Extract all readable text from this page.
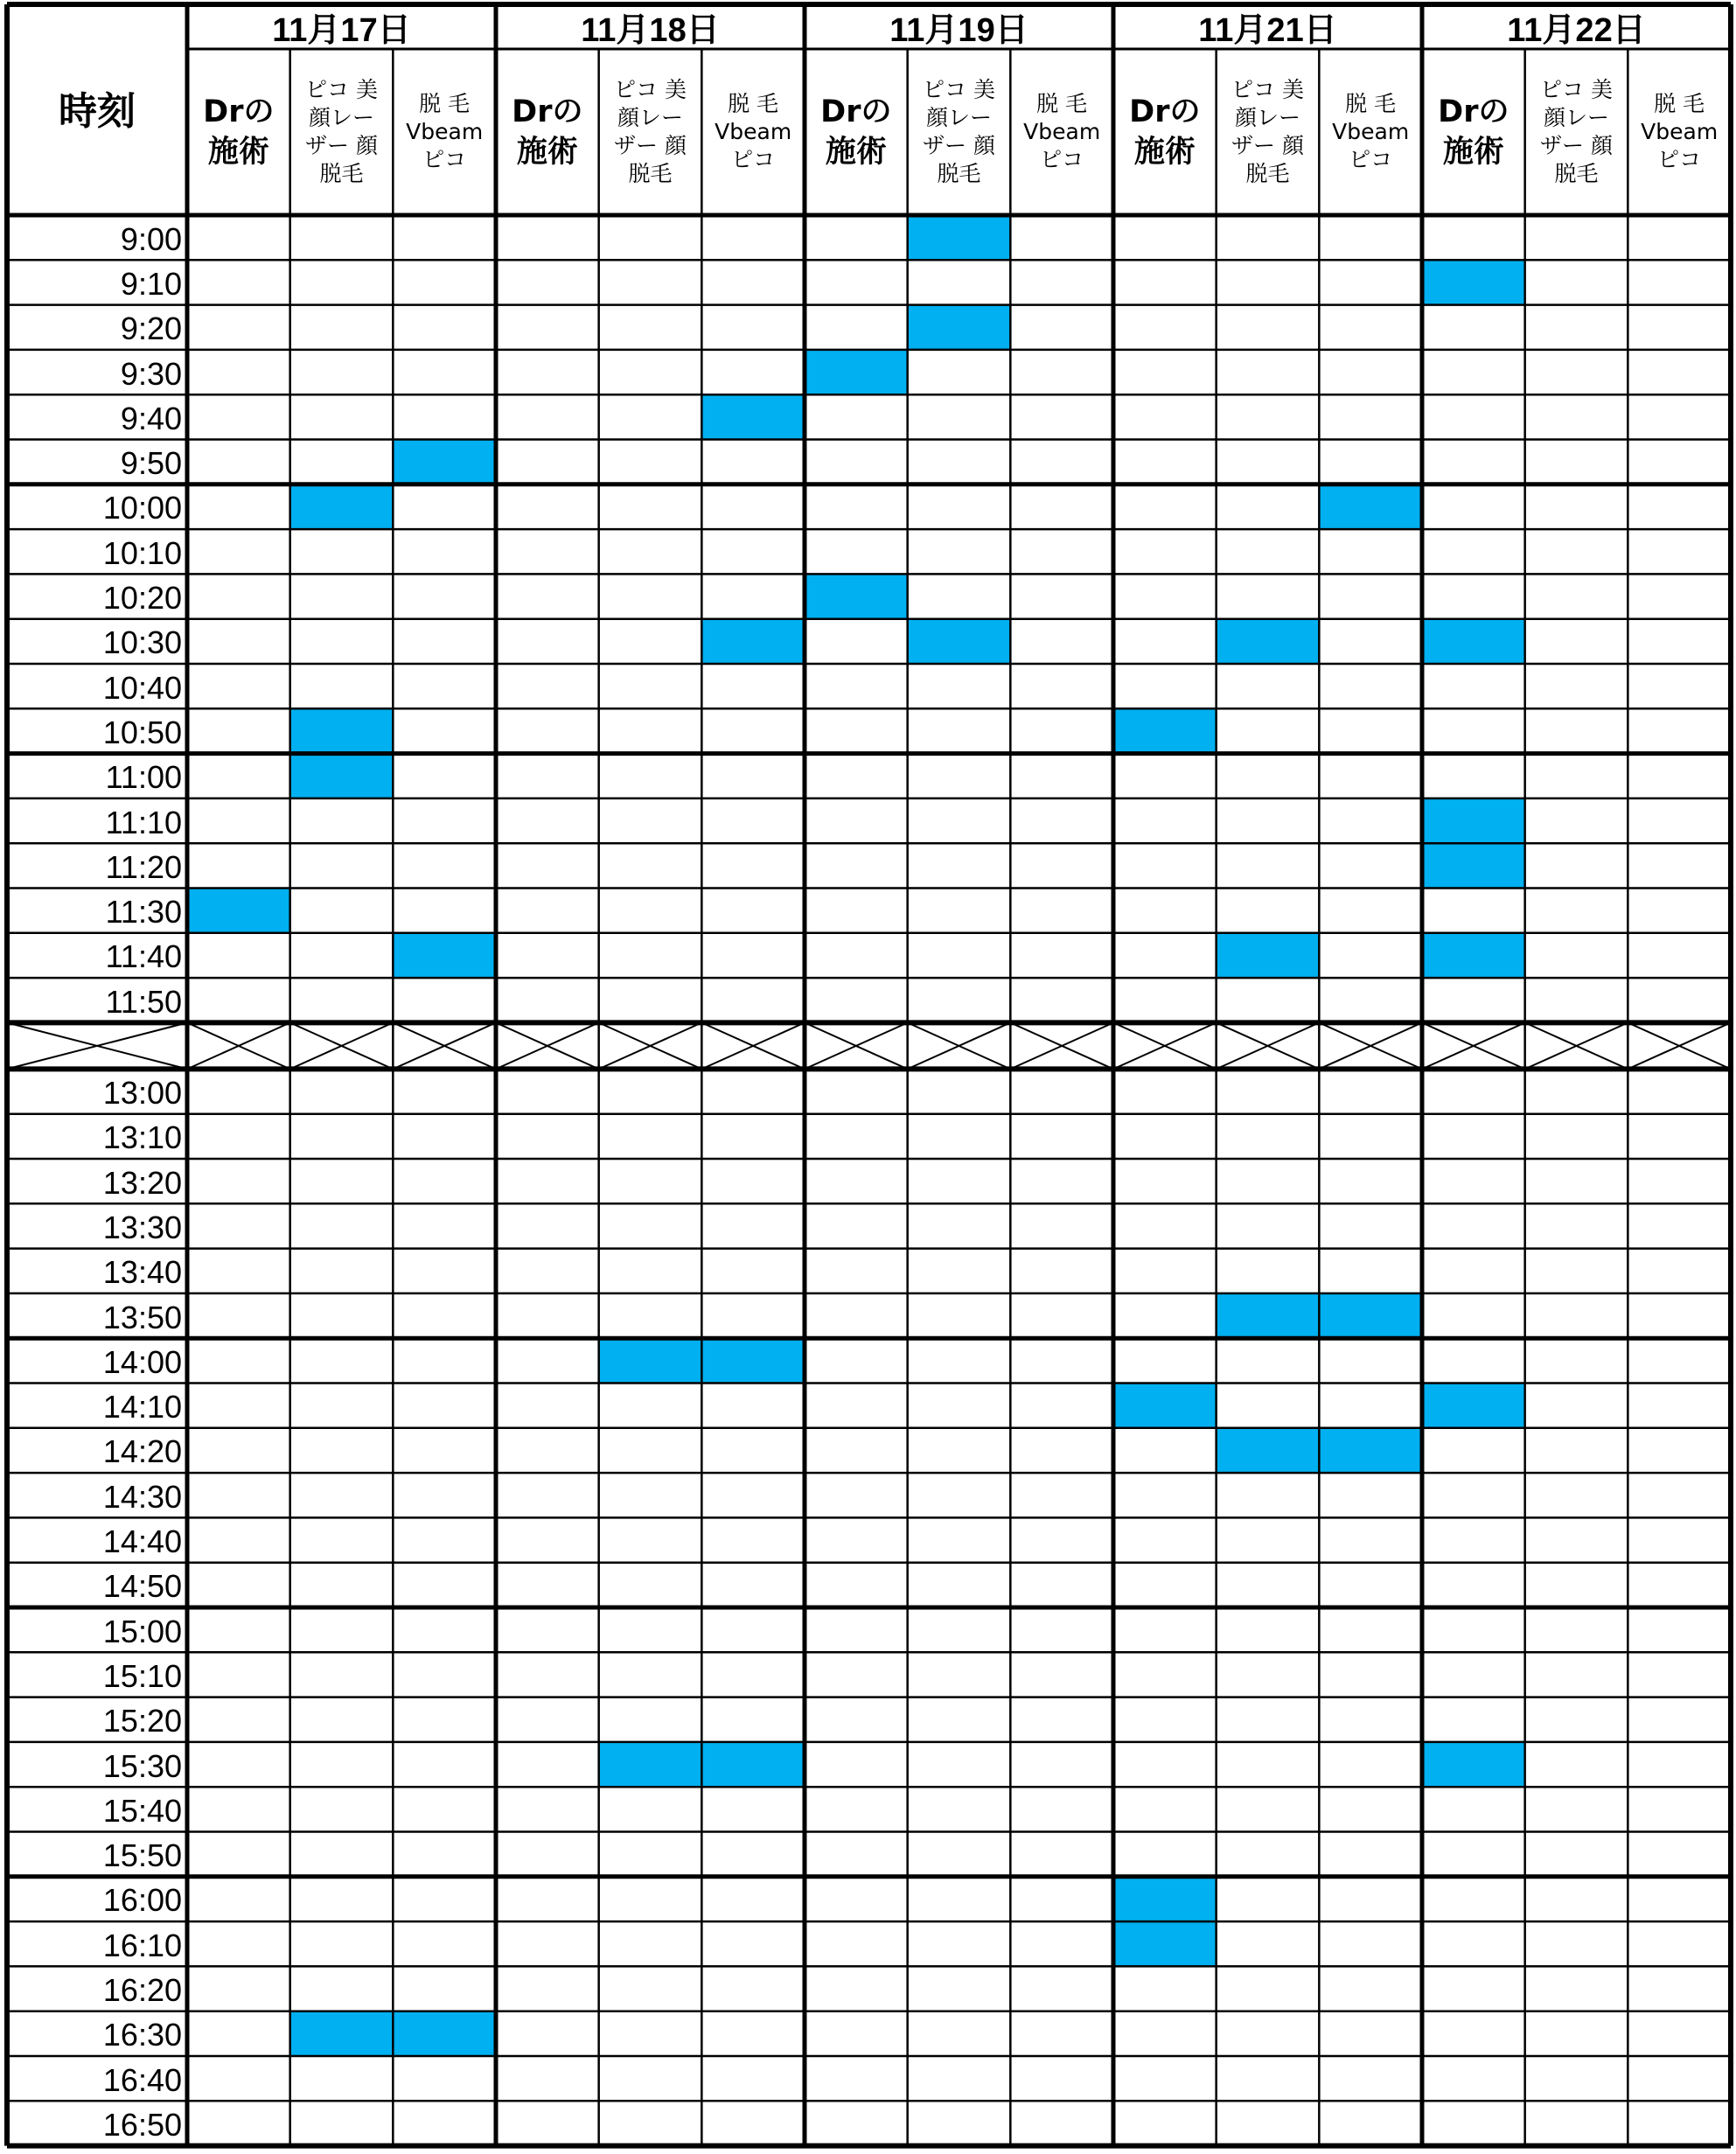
時刻
11月17日
Drの
施術
ピコ 美
顔レー
ザー 顔
脱毛
脱 毛
Vbeam
ピコ
11月18日
Drの
施術
ピコ 美
顔レー
ザー 顔
脱毛
脱 毛
Vbeam
ピコ
11月19日
Drの
施術
ピコ 美
顔レー
ザー 顔
脱毛
脱 毛
Vbeam
ピコ
11月21日
Drの
施術
ピコ 美
顔レー
ザー 顔
脱毛
脱 毛
Vbeam
ピコ
11月22日
Drの
施術
ピコ 美
顔レー
ザー 顔
脱毛
脱 毛
Vbeam
ピコ
9:00
9:10
9:20
9:30
9:40
9:50
10:00
10:10
10:20
10:30
10:40
10:50
11:00
11:10
11:20
11:30
11:40
11:50
13:00
13:10
13:20
13:30
13:40
13:50
14:00
14:10
14:20
14:30
14:40
14:50
15:00
15:10
15:20
15:30
15:40
15:50
16:00
16:10
16:20
16:30
16:40
16:50
